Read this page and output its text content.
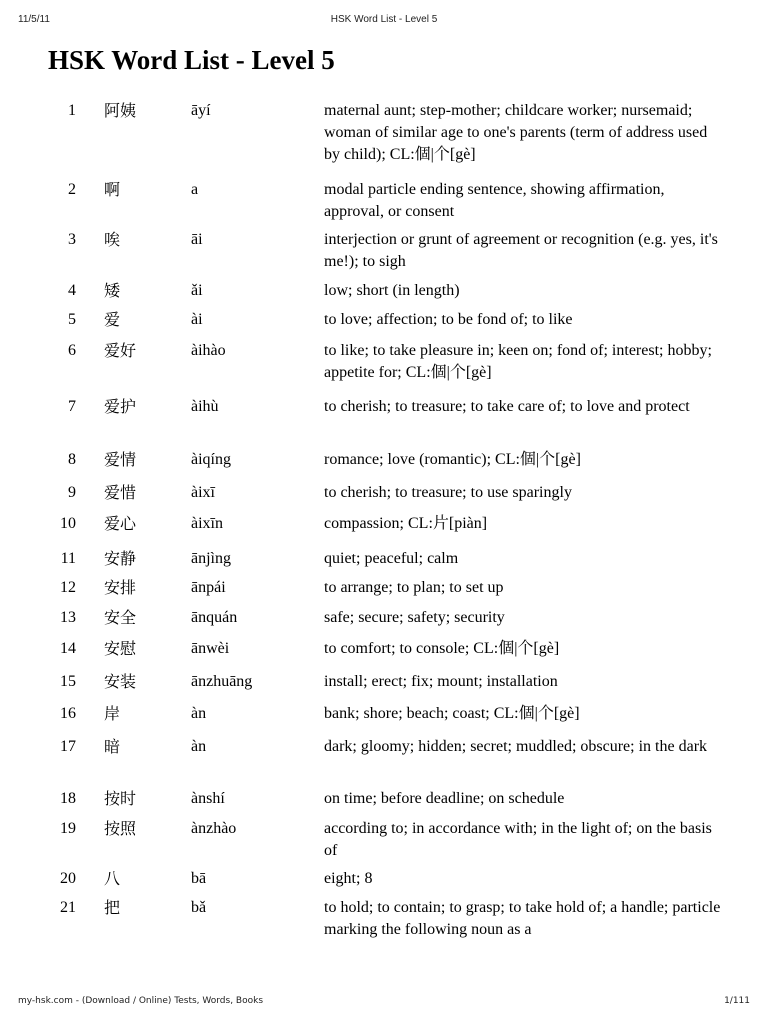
11/5/11	HSK Word List - Level 5
HSK Word List - Level 5
1 阿姨	āyí	maternal aunt; step-mother; childcare worker; nursemaid; woman of similar age to one's parents (term of address used by child); CL:個|个[gè]
2 啊	a	modal particle ending sentence, showing affirmation, approval, or consent
3 唉	āi	interjection or grunt of agreement or recognition (e.g. yes, it's me!); to sigh
4 矮	ǎi	low; short (in length)
5 爱	ài	to love; affection; to be fond of; to like
6 爱好	àihào	to like; to take pleasure in; keen on; fond of; interest; hobby; appetite for; CL:個|个[gè]
7 爱护	àihù	to cherish; to treasure; to take care of; to love and protect
8 爱情	àiqíng	romance; love (romantic); CL:個|个[gè]
9 爱惜	àixī	to cherish; to treasure; to use sparingly
10 爱心	àixīn	compassion; CL:片[piàn]
11 安静	ānjìng	quiet; peaceful; calm
12 安排	ānpái	to arrange; to plan; to set up
13 安全	ānquán	safe; secure; safety; security
14 安慰	ānwèi	to comfort; to console; CL:個|个[gè]
15 安装	ānzhuāng	install; erect; fix; mount; installation
16 岸	àn	bank; shore; beach; coast; CL:個|个[gè]
17 暗	àn	dark; gloomy; hidden; secret; muddled; obscure; in the dark
18 按时	ànshí	on time; before deadline; on schedule
19 按照	ànzhào	according to; in accordance with; in the light of; on the basis of
20 八	bā	eight; 8
21 把	bǎ	to hold; to contain; to grasp; to take hold of; a handle; particle marking the following noun as a
my-hsk.com - (Download / Online) Tests, Words, Books	1/111
